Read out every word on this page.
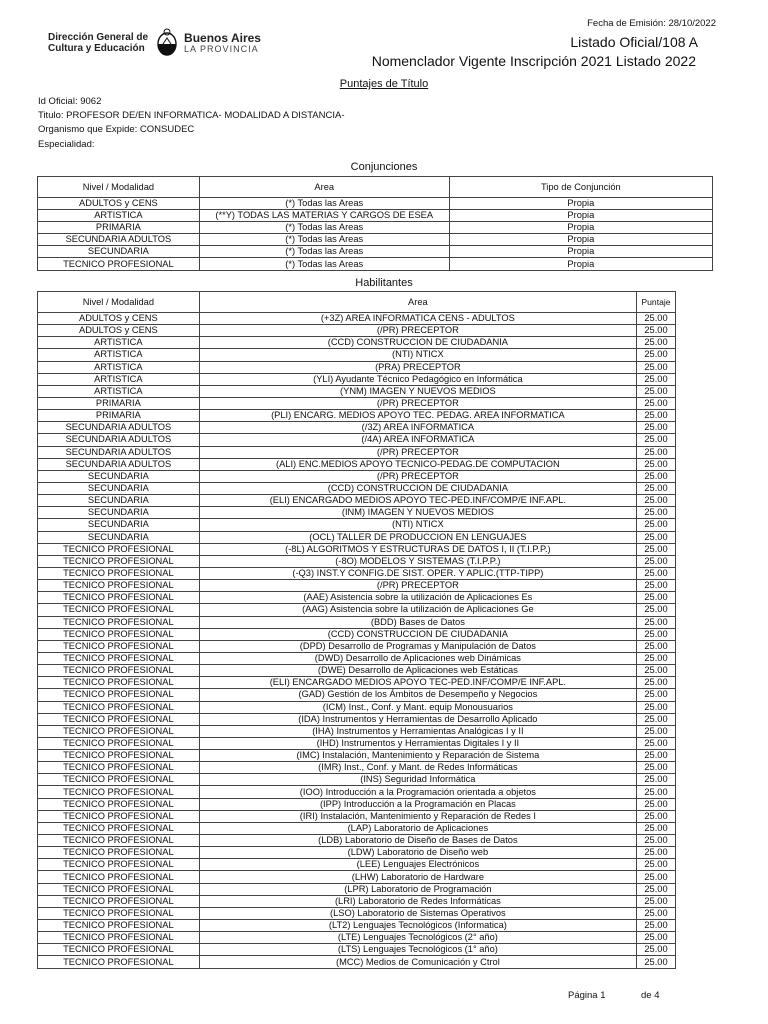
Fecha de Emisión: 28/10/2022
Dirección General de
Cultura y Educación
Buenos Aires
LA PROVINCIA	Listado Oficial/108 A
Nomenclador Vigente Inscripción 2021 Listado 2022
Puntajes de Título
Id Oficial: 9062
Titulo: PROFESOR DE/EN INFORMATICA- MODALIDAD A DISTANCIA-
Organismo que Expide: CONSUDEC
Especialidad:
Conjunciones
Nivel / Modalidad	Area	Tipo de Conjunción
ADULTOS y CENS	(*) Todas las Areas	Propia
ARTISTICA	(**Y) TODAS LAS MATERIAS Y CARGOS DE ESEA	Propia
PRIMARIA	(*) Todas las Areas	Propia
SECUNDARIA ADULTOS	(*) Todas las Areas	Propia
SECUNDARIA	(*) Todas las Areas	Propia
TECNICO PROFESIONAL	(*) Todas las Areas	Propia
Habilitantes
Nivel / Modalidad	Area	Puntaje
ADULTOS y CENS	(+3Z) AREA INFORMATICA CENS - ADULTOS	25.00
ADULTOS y CENS	(/PR) PRECEPTOR	25.00
ARTISTICA	(CCD) CONSTRUCCION DE CIUDADANIA	25.00
ARTISTICA	(NTI) NTICX	25.00
ARTISTICA	(PRA) PRECEPTOR	25.00
ARTISTICA	(YLI) Ayudante Técnico Pedagógico en Informática	25.00
ARTISTICA	(YNM) IMAGEN Y NUEVOS MEDIOS	25.00
PRIMARIA	(/PR) PRECEPTOR	25.00
PRIMARIA	(PLI) ENCARG. MEDIOS APOYO TEC. PEDAG. AREA INFORMATICA	25.00
SECUNDARIA ADULTOS	(/3Z) AREA INFORMATICA	25.00
SECUNDARIA ADULTOS	(/4A) AREA INFORMATICA	25.00
SECUNDARIA ADULTOS	(/PR) PRECEPTOR	25.00
SECUNDARIA ADULTOS	(ALI) ENC.MEDIOS APOYO TECNICO-PEDAG.DE COMPUTACION	25.00
SECUNDARIA	(/PR) PRECEPTOR	25.00
SECUNDARIA	(CCD) CONSTRUCCION DE CIUDADANIA	25.00
SECUNDARIA	(ELI) ENCARGADO MEDIOS APOYO TEC-PED.INF/COMP/E INF.APL.	25.00
SECUNDARIA	(INM) IMAGEN Y NUEVOS MEDIOS	25.00
SECUNDARIA	(NTI) NTICX	25.00
SECUNDARIA	(OCL) TALLER DE PRODUCCION EN LENGUAJES	25.00
TECNICO PROFESIONAL	(-8L) ALGORITMOS Y ESTRUCTURAS DE DATOS I, II (T.I.P.P.)	25.00
TECNICO PROFESIONAL	(-8O) MODELOS Y SISTEMAS (T.I.P.P.)	25.00
TECNICO PROFESIONAL	(-Q3) INST.Y CONFIG.DE SIST. OPER. Y APLIC.(TTP-TIPP)	25.00
TECNICO PROFESIONAL	(/PR) PRECEPTOR	25.00
TECNICO PROFESIONAL	(AAE) Asistencia sobre la utilización de Aplicaciones Es	25.00
TECNICO PROFESIONAL	(AAG) Asistencia sobre la utilización de Aplicaciones Ge	25.00
TECNICO PROFESIONAL	(BDD) Bases de Datos	25.00
TECNICO PROFESIONAL	(CCD) CONSTRUCCION DE CIUDADANIA	25.00
TECNICO PROFESIONAL	(DPD) Desarrollo de Programas y Manipulación de Datos	25.00
TECNICO PROFESIONAL	(DWD) Desarrollo de Aplicaciones web Dinámicas	25.00
TECNICO PROFESIONAL	(DWE) Desarrollo de Aplicaciones web Estáticas	25.00
TECNICO PROFESIONAL	(ELI) ENCARGADO MEDIOS APOYO TEC-PED.INF/COMP/E INF.APL.	25.00
TECNICO PROFESIONAL	(GAD) Gestión de los Ámbitos de Desempeño y Negocios	25.00
TECNICO PROFESIONAL	(ICM) Inst., Conf. y Mant. equip Monousuarios	25.00
TECNICO PROFESIONAL	(IDA) Instrumentos y Herramientas de Desarrollo Aplicado	25.00
TECNICO PROFESIONAL	(IHA) Instrumentos y Herramientas Analógicas I y II	25.00
TECNICO PROFESIONAL	(IHD) Instrumentos y Herramientas Digitales I y II	25.00
TECNICO PROFESIONAL	(IMC) Instalación, Mantenimiento y Reparación de Sistema	25.00
TECNICO PROFESIONAL	(IMR) Inst., Conf. y Mant. de Redes Informáticas	25.00
TECNICO PROFESIONAL	(INS) Seguridad Informática	25.00
TECNICO PROFESIONAL	(IOO) Introducción a la Programación orientada a objetos	25.00
TECNICO PROFESIONAL	(IPP) Introducción a la Programación en Placas	25.00
TECNICO PROFESIONAL	(IRI) Instalación, Mantenimiento y Reparación de Redes I	25.00
TECNICO PROFESIONAL	(LAP) Laboratorio de Aplicaciones	25.00
TECNICO PROFESIONAL	(LDB) Laboratorio de Diseño de Bases de Datos	25.00
TECNICO PROFESIONAL	(LDW) Laboratorio de Diseño web	25.00
TECNICO PROFESIONAL	(LEE) Lenguajes Electrónicos	25.00
TECNICO PROFESIONAL	(LHW) Laboratorio de Hardware	25.00
TECNICO PROFESIONAL	(LPR) Laboratorio de Programación	25.00
TECNICO PROFESIONAL	(LRI) Laboratorio de Redes Informáticas	25.00
TECNICO PROFESIONAL	(LSO) Laboratorio de Sistemas Operativos	25.00
TECNICO PROFESIONAL	(LT2) Lenguajes Tecnológicos (Informatica)	25.00
TECNICO PROFESIONAL	(LTE) Lenguajes Tecnológicos (2° año)	25.00
TECNICO PROFESIONAL	(LTS) Lenguajes Tecnológicos (1° año)	25.00
TECNICO PROFESIONAL	(MCC) Medios de Comunicación y Ctrol	25.00
Página 1	de 4
